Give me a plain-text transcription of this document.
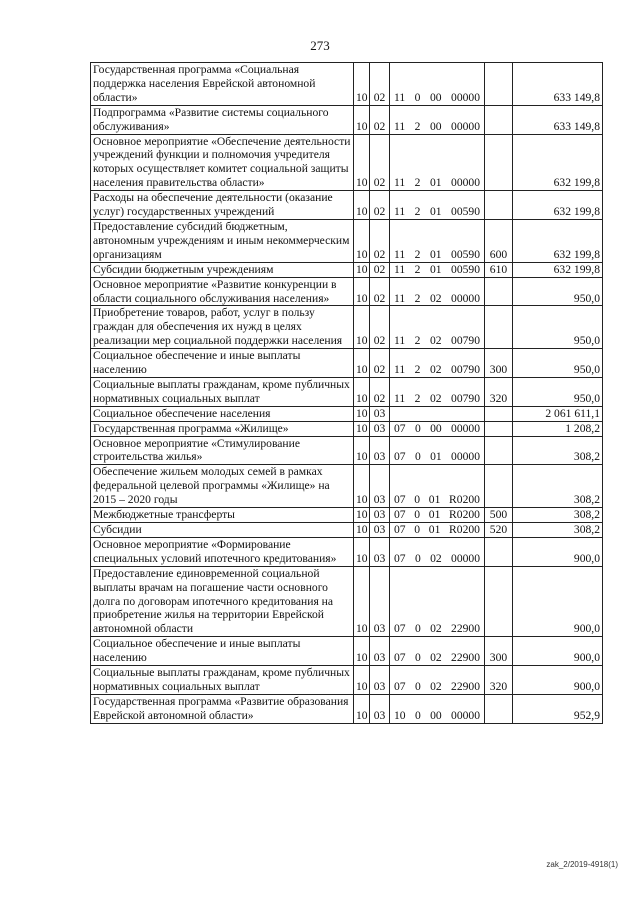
273
Государственная программа «Социальная поддержка населения Еврейской автономной области»	10	02	11 0 00 00000		633 149,8
Подпрограмма «Развитие системы социального обслуживания»	10	02	11 2 00 00000		633 149,8
Основное мероприятие «Обеспечение деятельности учреждений функции и полномочия учредителя которых осуществляет комитет социальной защиты населения правительства области»	10	02	11 2 01 00000		632 199,8
Расходы на обеспечение деятельности (оказание услуг) государственных учреждений	10	02	11 2 01 00590		632 199,8
Предоставление субсидий бюджетным, автономным учреждениям и иным некоммерческим организациям	10	02	11 2 01 00590	600	632 199,8
Субсидии бюджетным учреждениям	10	02	11 2 01 00590	610	632 199,8
Основное мероприятие «Развитие конкуренции в области социального обслуживания населения»	10	02	11 2 02 00000		950,0
Приобретение товаров, работ, услуг в пользу граждан для обеспечения их нужд в целях реализации мер социальной поддержки населения	10	02	11 2 02 00790		950,0
Социальное обеспечение и иные выплаты населению	10	02	11 2 02 00790	300	950,0
Социальные выплаты гражданам, кроме публичных нормативных социальных выплат	10	02	11 2 02 00790	320	950,0
Социальное обеспечение населения	10	03			2 061 611,1
Государственная программа «Жилище»	10	03	07 0 00 00000		1 208,2
Основное мероприятие «Стимулирование строительства жилья»	10	03	07 0 01 00000		308,2
Обеспечение жильем молодых семей в рамках федеральной целевой программы «Жилище» на 2015 – 2020 годы	10	03	07 0 01 R0200		308,2
Межбюджетные трансферты	10	03	07 0 01 R0200	500	308,2
Субсидии	10	03	07 0 01 R0200	520	308,2
Основное мероприятие «Формирование специальных условий ипотечного кредитования»	10	03	07 0 02 00000		900,0
Предоставление единовременной социальной выплаты врачам на погашение части основного долга по договорам ипотечного кредитования на приобретение жилья на территории Еврейской автономной области	10	03	07 0 02 22900		900,0
Социальное обеспечение и иные выплаты населению	10	03	07 0 02 22900	300	900,0
Социальные выплаты гражданам, кроме публичных нормативных социальных выплат	10	03	07 0 02 22900	320	900,0
Государственная программа «Развитие образования Еврейской автономной области»	10	03	10 0 00 00000		952,9
zak_2/2019-4918(1)
